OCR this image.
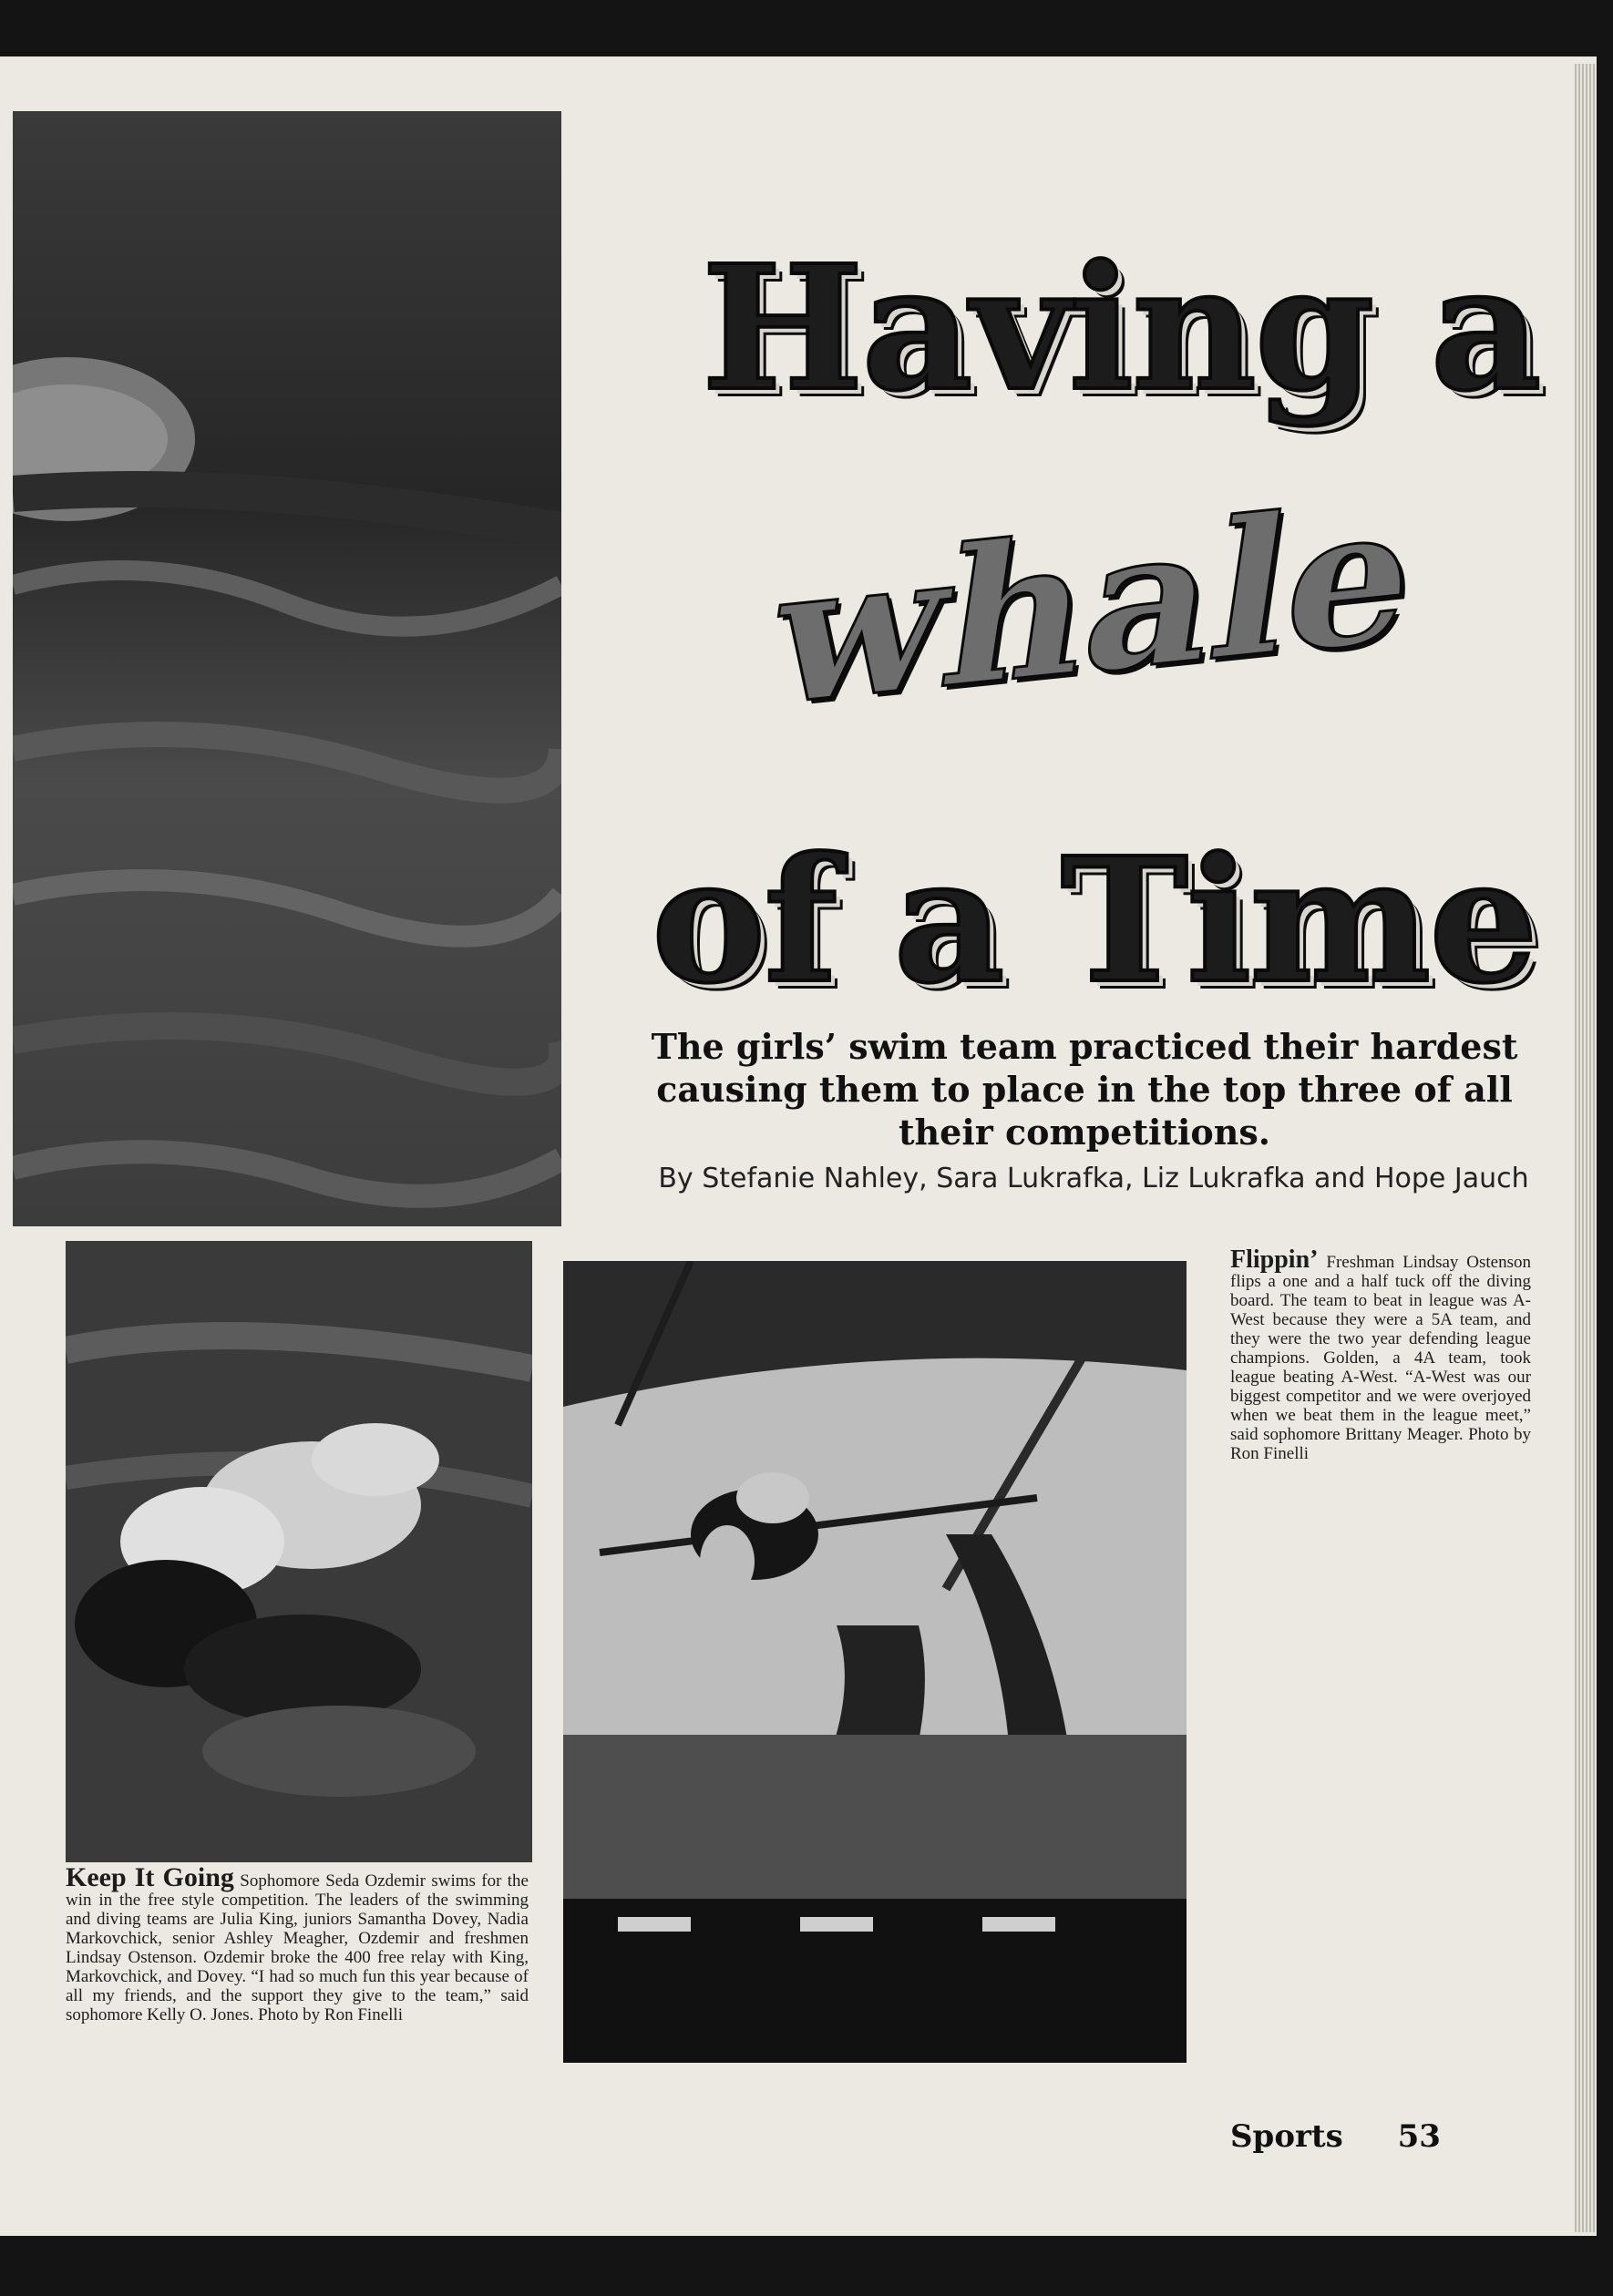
Having a
whale
of a Time
The girls’ swim team practiced their hardest causing them to place in the top three of all their competitions.
By Stefanie Nahley, Sara Lukrafka, Liz Lukrafka and Hope Jauch
Flippin’ Freshman Lindsay Ostenson flips a one and a half tuck off the diving board. The team to beat in league was A-West because they were a 5A team, and they were the two year defending league champions. Golden, a 4A team, took league beating A-West. “A-West was our biggest competitor and we were overjoyed when we beat them in the league meet,” said sophomore Brittany Meager. Photo by Ron Finelli
Keep It Going Sophomore Seda Ozdemir swims for the win in the free style competition. The leaders of the swimming and diving teams are Julia King, juniors Samantha Dovey, Nadia Markovchick, senior Ashley Meagher, Ozdemir and freshmen Lindsay Ostenson. Ozdemir broke the 400 free relay with King, Markovchick, and Dovey. “I had so much fun this year because of all my friends, and the support they give to the team,” said sophomore Kelly O. Jones. Photo by Ron Finelli
Sports 53
